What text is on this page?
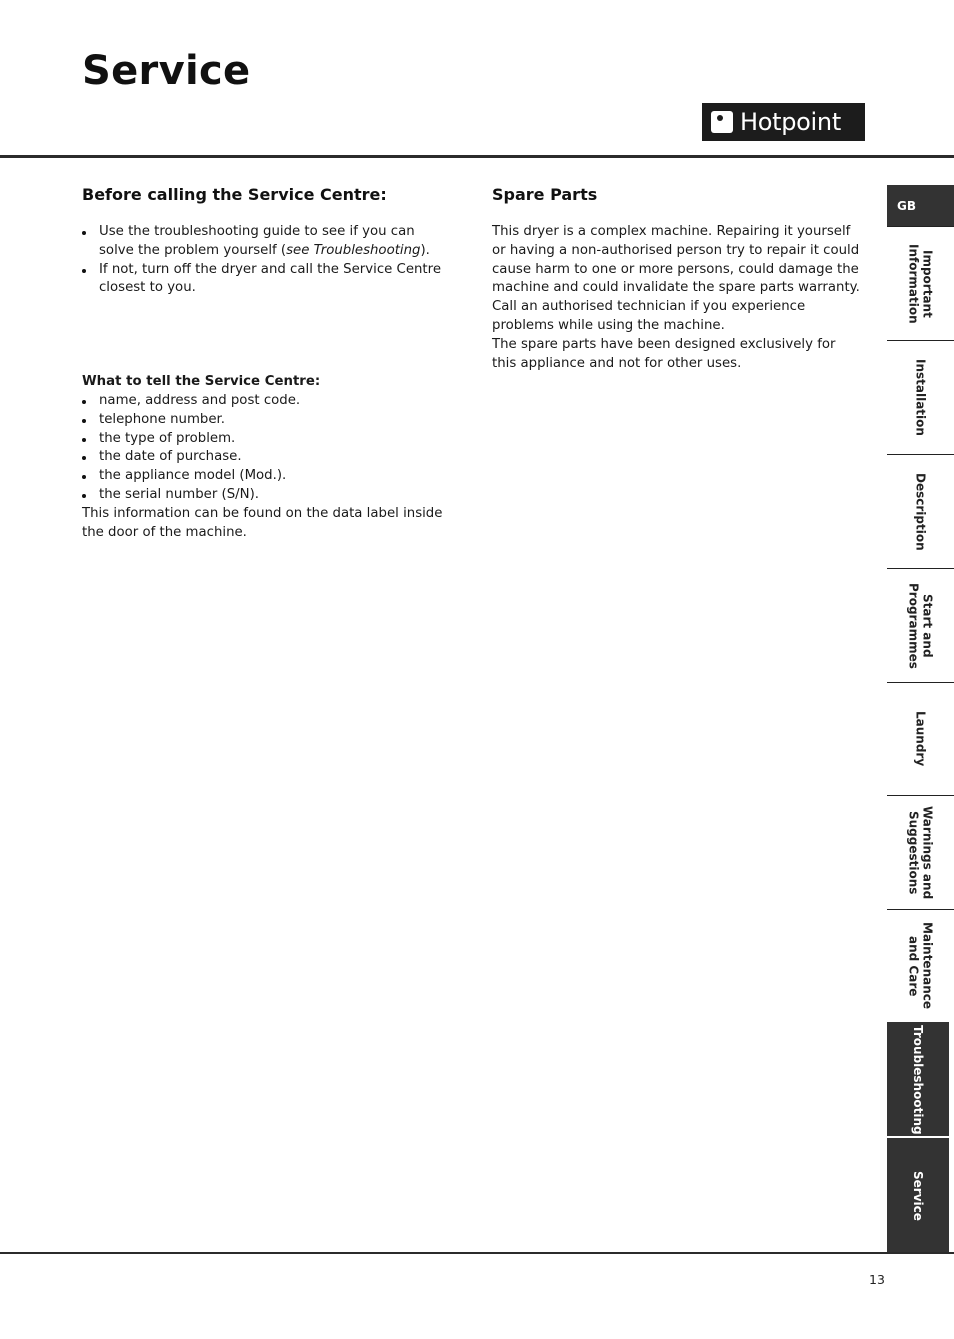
Service
Hotpoint
Before calling the Service Centre:
Use the troubleshooting guide to see if you can solve the problem yourself (see Troubleshooting).
If not, turn off the dryer and call the Service Centre closest to you.
What to tell the Service Centre:
name, address and post code.
telephone number.
the type of problem.
the date of purchase.
the appliance model (Mod.).
the serial number (S/N).

This information can be found on the data label inside the door of the machine.

Spare Parts

This dryer is a complex machine. Repairing it yourself or having a non-authorised person try to repair it could cause harm to one or more persons, could damage the machine and could invalidate the spare parts warranty.

Call an authorised technician if you experience problems while using the machine.

The spare parts have been designed exclusively for this appliance and not for other uses.

GB
Important
Information
Installation
Description
Start and
Programmes
Laundry
Warnings and
Suggestions
Maintenance
and Care
Troubleshooting
Service
13
